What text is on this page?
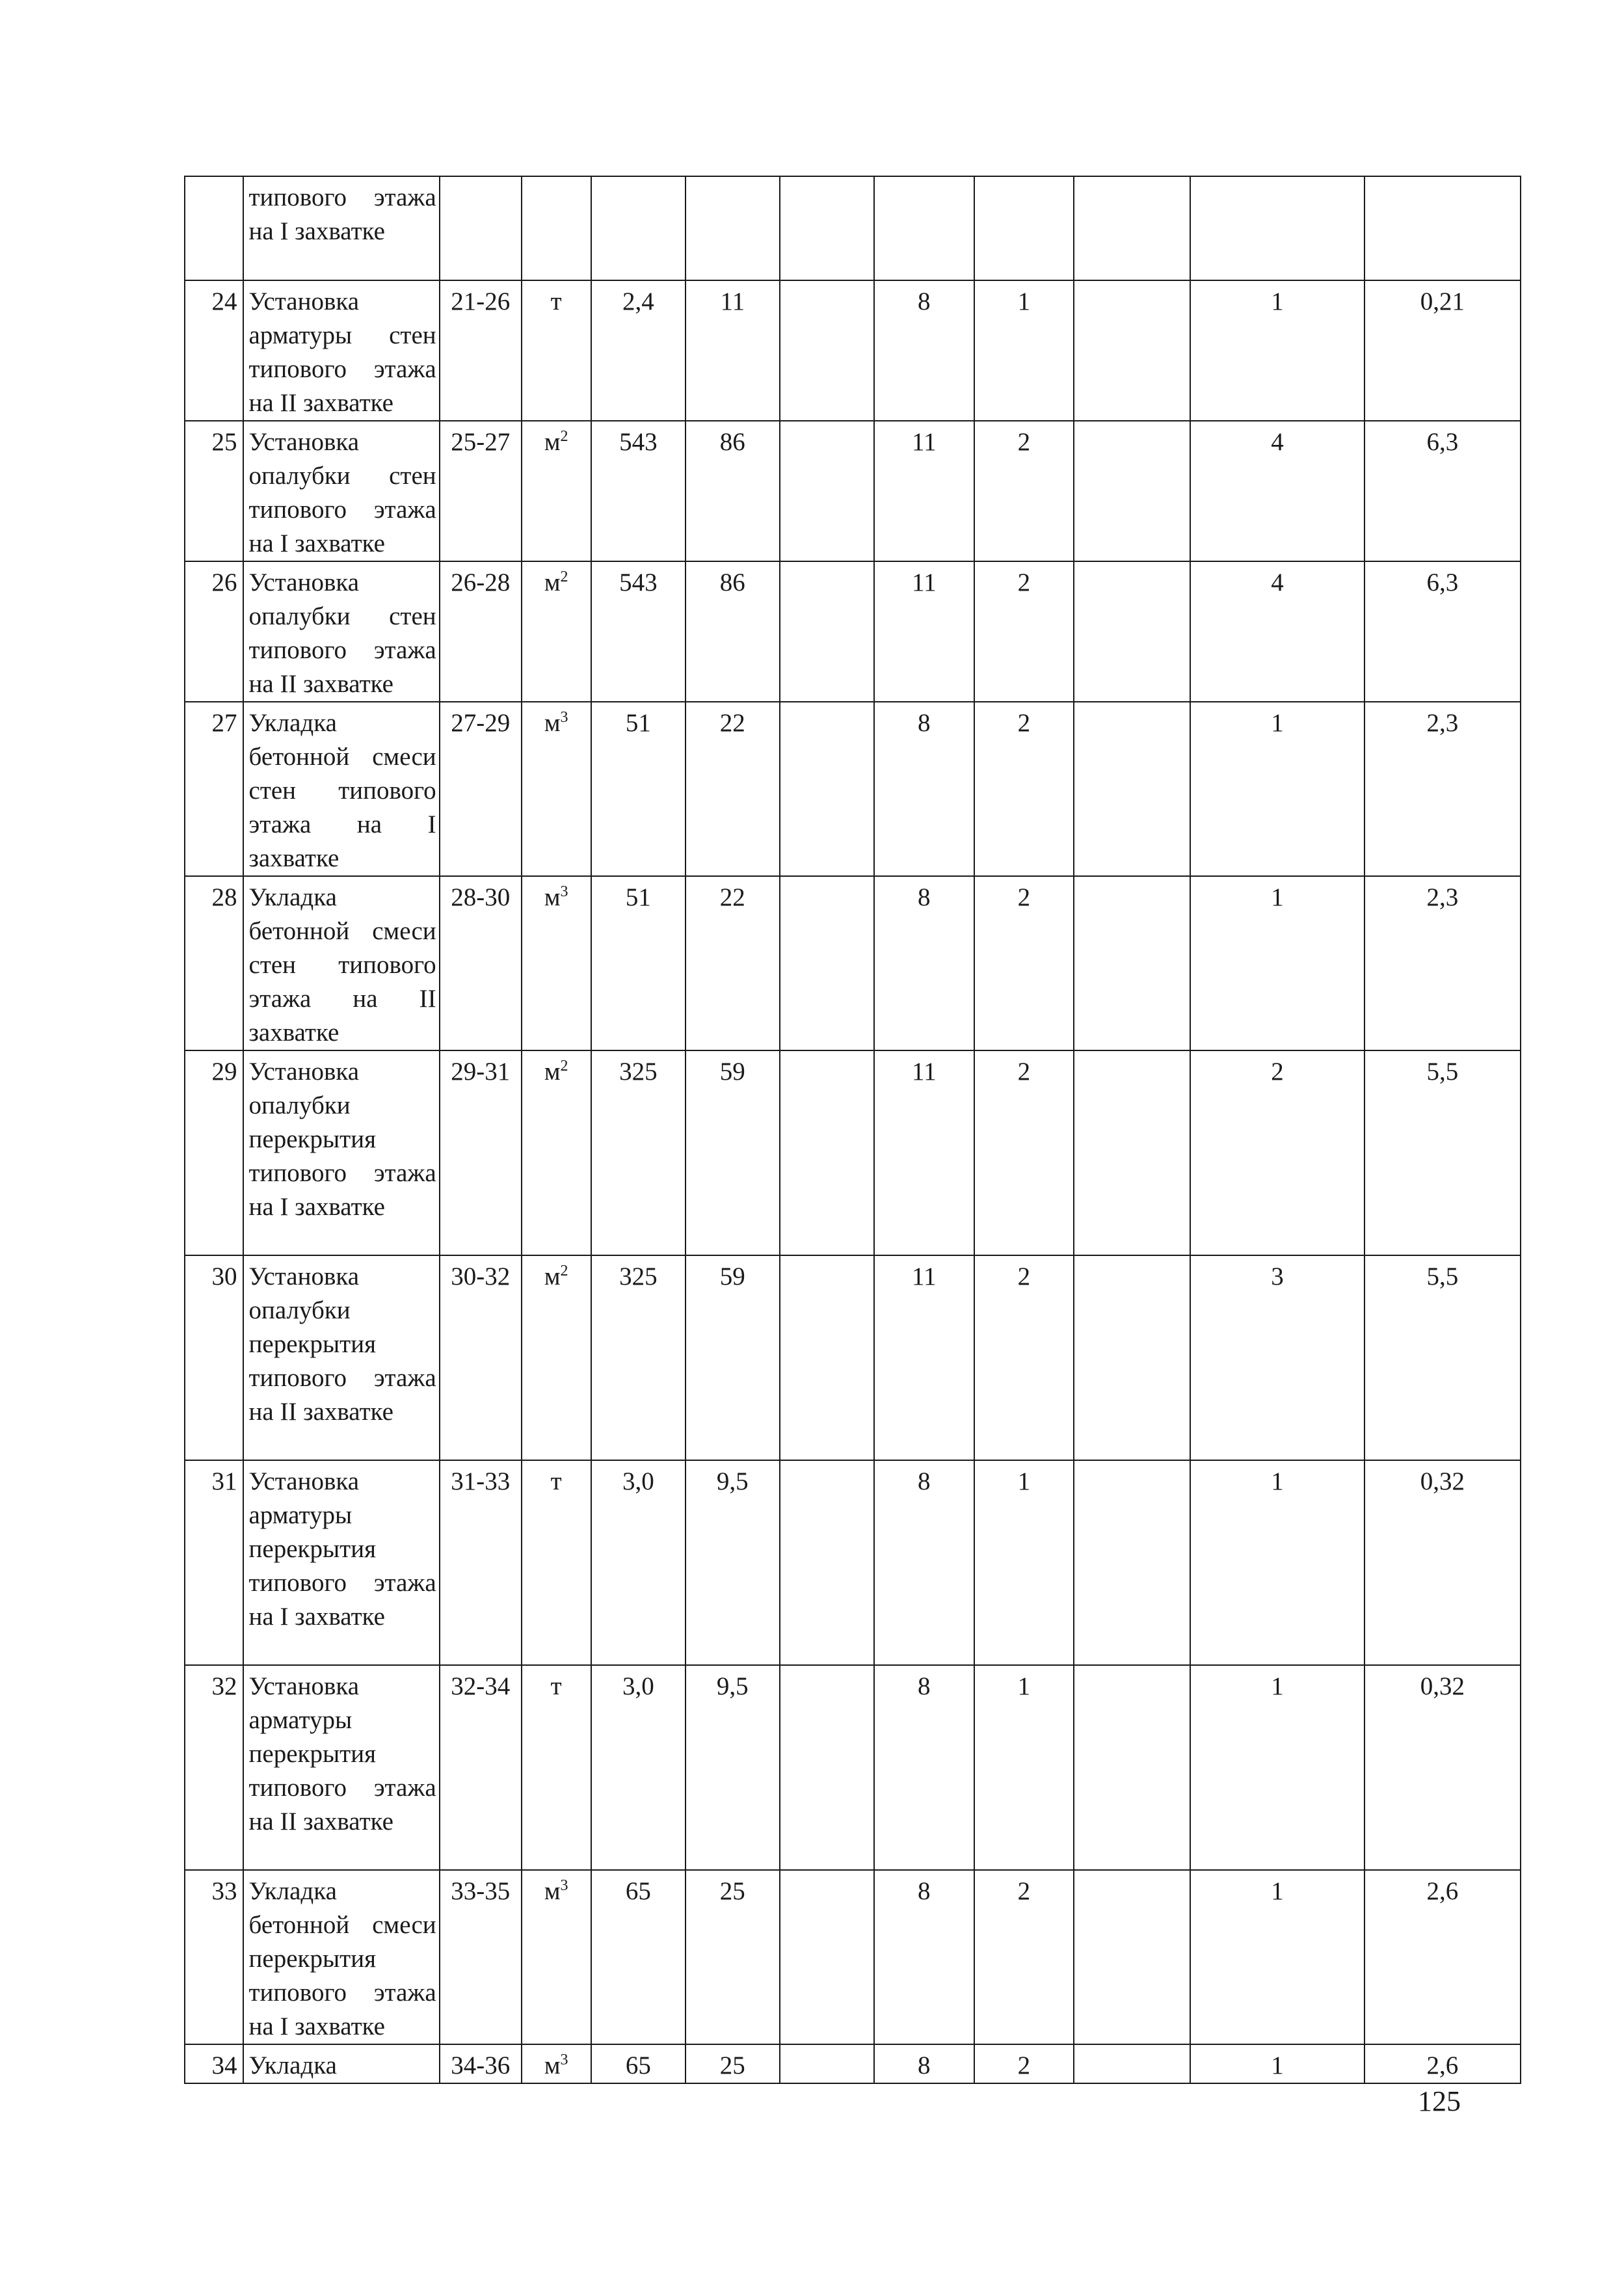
	типового этажа на I захватке										
24	Установка арматуры стен типового этажа на II захватке	21-26	т	2,4	11		8	1		1	0,21
25	Установка опалубки стен типового этажа на I захватке	25-27	$м^2$	543	86		11	2		4	6,3
26	Установка опалубки стен типового этажа на II захватке	26-28	$м^2$	543	86		11	2		4	6,3
27	Укладка бетонной смеси стен типового этажа на I захватке	27-29	$м^3$	51	22		8	2		1	2,3
28	Укладка бетонной смеси стен типового этажа на II захватке	28-30	$м^3$	51	22		8	2		1	2,3
29	Установка опалубки перекрытия типового этажа на I захватке	29-31	$м^2$	325	59		11	2		2	5,5
30	Установка опалубки перекрытия типового этажа на II захватке	30-32	$м^2$	325	59		11	2		3	5,5
31	Установка арматуры перекрытия типового этажа на I захватке	31-33	т	3,0	9,5		8	1		1	0,32
32	Установка арматуры перекрытия типового этажа на II захватке	32-34	т	3,0	9,5		8	1		1	0,32
33	Укладка бетонной смеси перекрытия типового этажа на I захватке	33-35	$м^3$	65	25		8	2		1	2,6
34	Укладка	34-36	$м^3$	65	25		8	2		1	2,6
125
